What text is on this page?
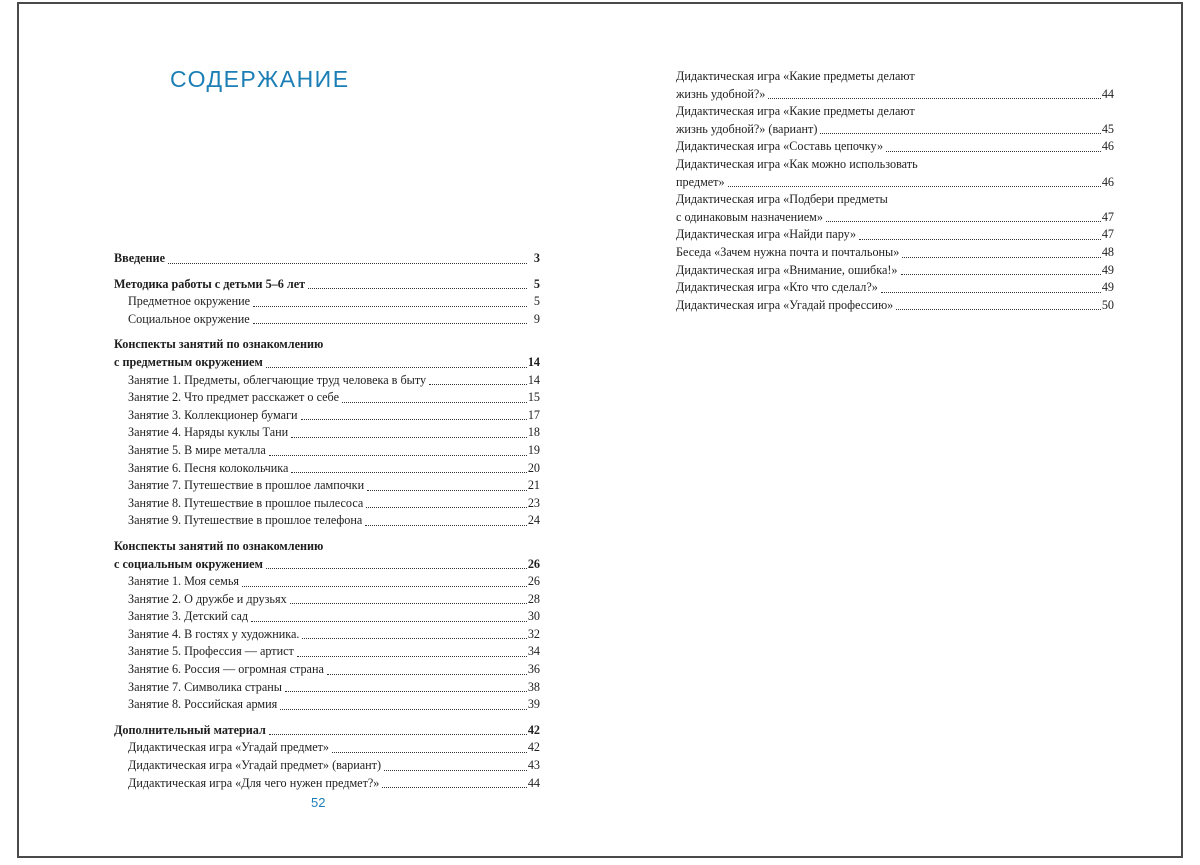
СОДЕРЖАНИЕ
Введение	3
Методика работы с детьми 5–6 лет	5
Предметное окружение	5
Социальное окружение	9
Конспекты занятий по ознакомлению
с предметным окружением	14
Занятие 1. Предметы, облегчающие труд человека в быту	14
Занятие 2. Что предмет расскажет о себе	15
Занятие 3. Коллекционер бумаги	17
Занятие 4. Наряды куклы Тани	18
Занятие 5. В мире металла	19
Занятие 6. Песня колокольчика	20
Занятие 7. Путешествие в прошлое лампочки	21
Занятие 8. Путешествие в прошлое пылесоса	23
Занятие 9. Путешествие в прошлое телефона	24
Конспекты занятий по ознакомлению
с социальным окружением	26
Занятие 1. Моя семья	26
Занятие 2. О дружбе и друзьях	28
Занятие 3. Детский сад	30
Занятие 4. В гостях у художника.	32
Занятие 5. Профессия — артист	34
Занятие 6. Россия — огромная страна	36
Занятие 7. Символика страны	38
Занятие 8. Российская армия	39
Дополнительный материал	42
Дидактическая игра «Угадай предмет»	42
Дидактическая игра «Угадай предмет» (вариант)	43
Дидактическая игра «Для чего нужен предмет?»	44
Дидактическая игра «Какие предметы делают
жизнь удобной?»	44
Дидактическая игра «Какие предметы делают
жизнь удобной?» (вариант)	45
Дидактическая игра «Составь цепочку»	46
Дидактическая игра «Как можно использовать
предмет»	46
Дидактическая игра «Подбери предметы
с одинаковым назначением»	47
Дидактическая игра «Найди пару»	47
Беседа «Зачем нужна почта и почтальоны»	48
Дидактическая игра «Внимание, ошибка!»	49
Дидактическая игра «Кто что сделал?»	49
Дидактическая игра «Угадай профессию»	50
52
